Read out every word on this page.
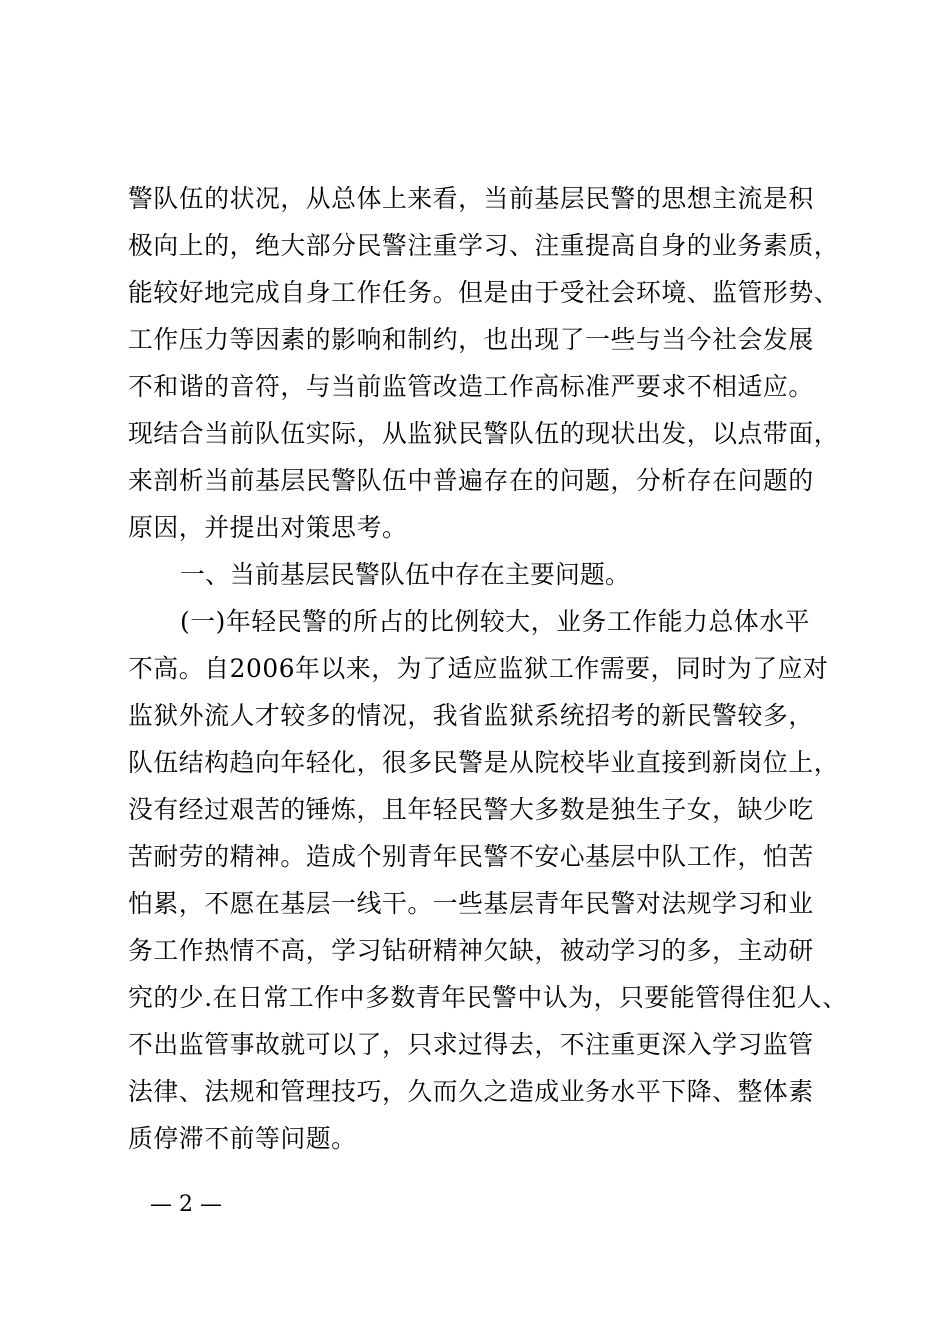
警队伍的状况，从总体上来看，当前基层民警的思想主流是积
极向上的，绝大部分民警注重学习、注重提高自身的业务素质，
能较好地完成自身工作任务。但是由于受社会环境、监管形势、
工作压力等因素的影响和制约，也出现了一些与当今社会发展
不和谐的音符，与当前监管改造工作高标准严要求不相适应。
现结合当前队伍实际，从监狱民警队伍的现状出发，以点带面，
来剖析当前基层民警队伍中普遍存在的问题，分析存在问题的
原因，并提出对策思考。
一、当前基层民警队伍中存在主要问题。
(一)年轻民警的所占的比例较大，业务工作能力总体水平
不高。自2006年以来，为了适应监狱工作需要，同时为了应对
监狱外流人才较多的情况，我省监狱系统招考的新民警较多，
队伍结构趋向年轻化，很多民警是从院校毕业直接到新岗位上，
没有经过艰苦的锤炼，且年轻民警大多数是独生子女，缺少吃
苦耐劳的精神。造成个别青年民警不安心基层中队工作，怕苦
怕累，不愿在基层一线干。一些基层青年民警对法规学习和业
务工作热情不高，学习钻研精神欠缺，被动学习的多，主动研
究的少.在日常工作中多数青年民警中认为，只要能管得住犯人、
不出监管事故就可以了，只求过得去，不注重更深入学习监管
法律、法规和管理技巧，久而久之造成业务水平下降、整体素
质停滞不前等问题。
— 2 —
